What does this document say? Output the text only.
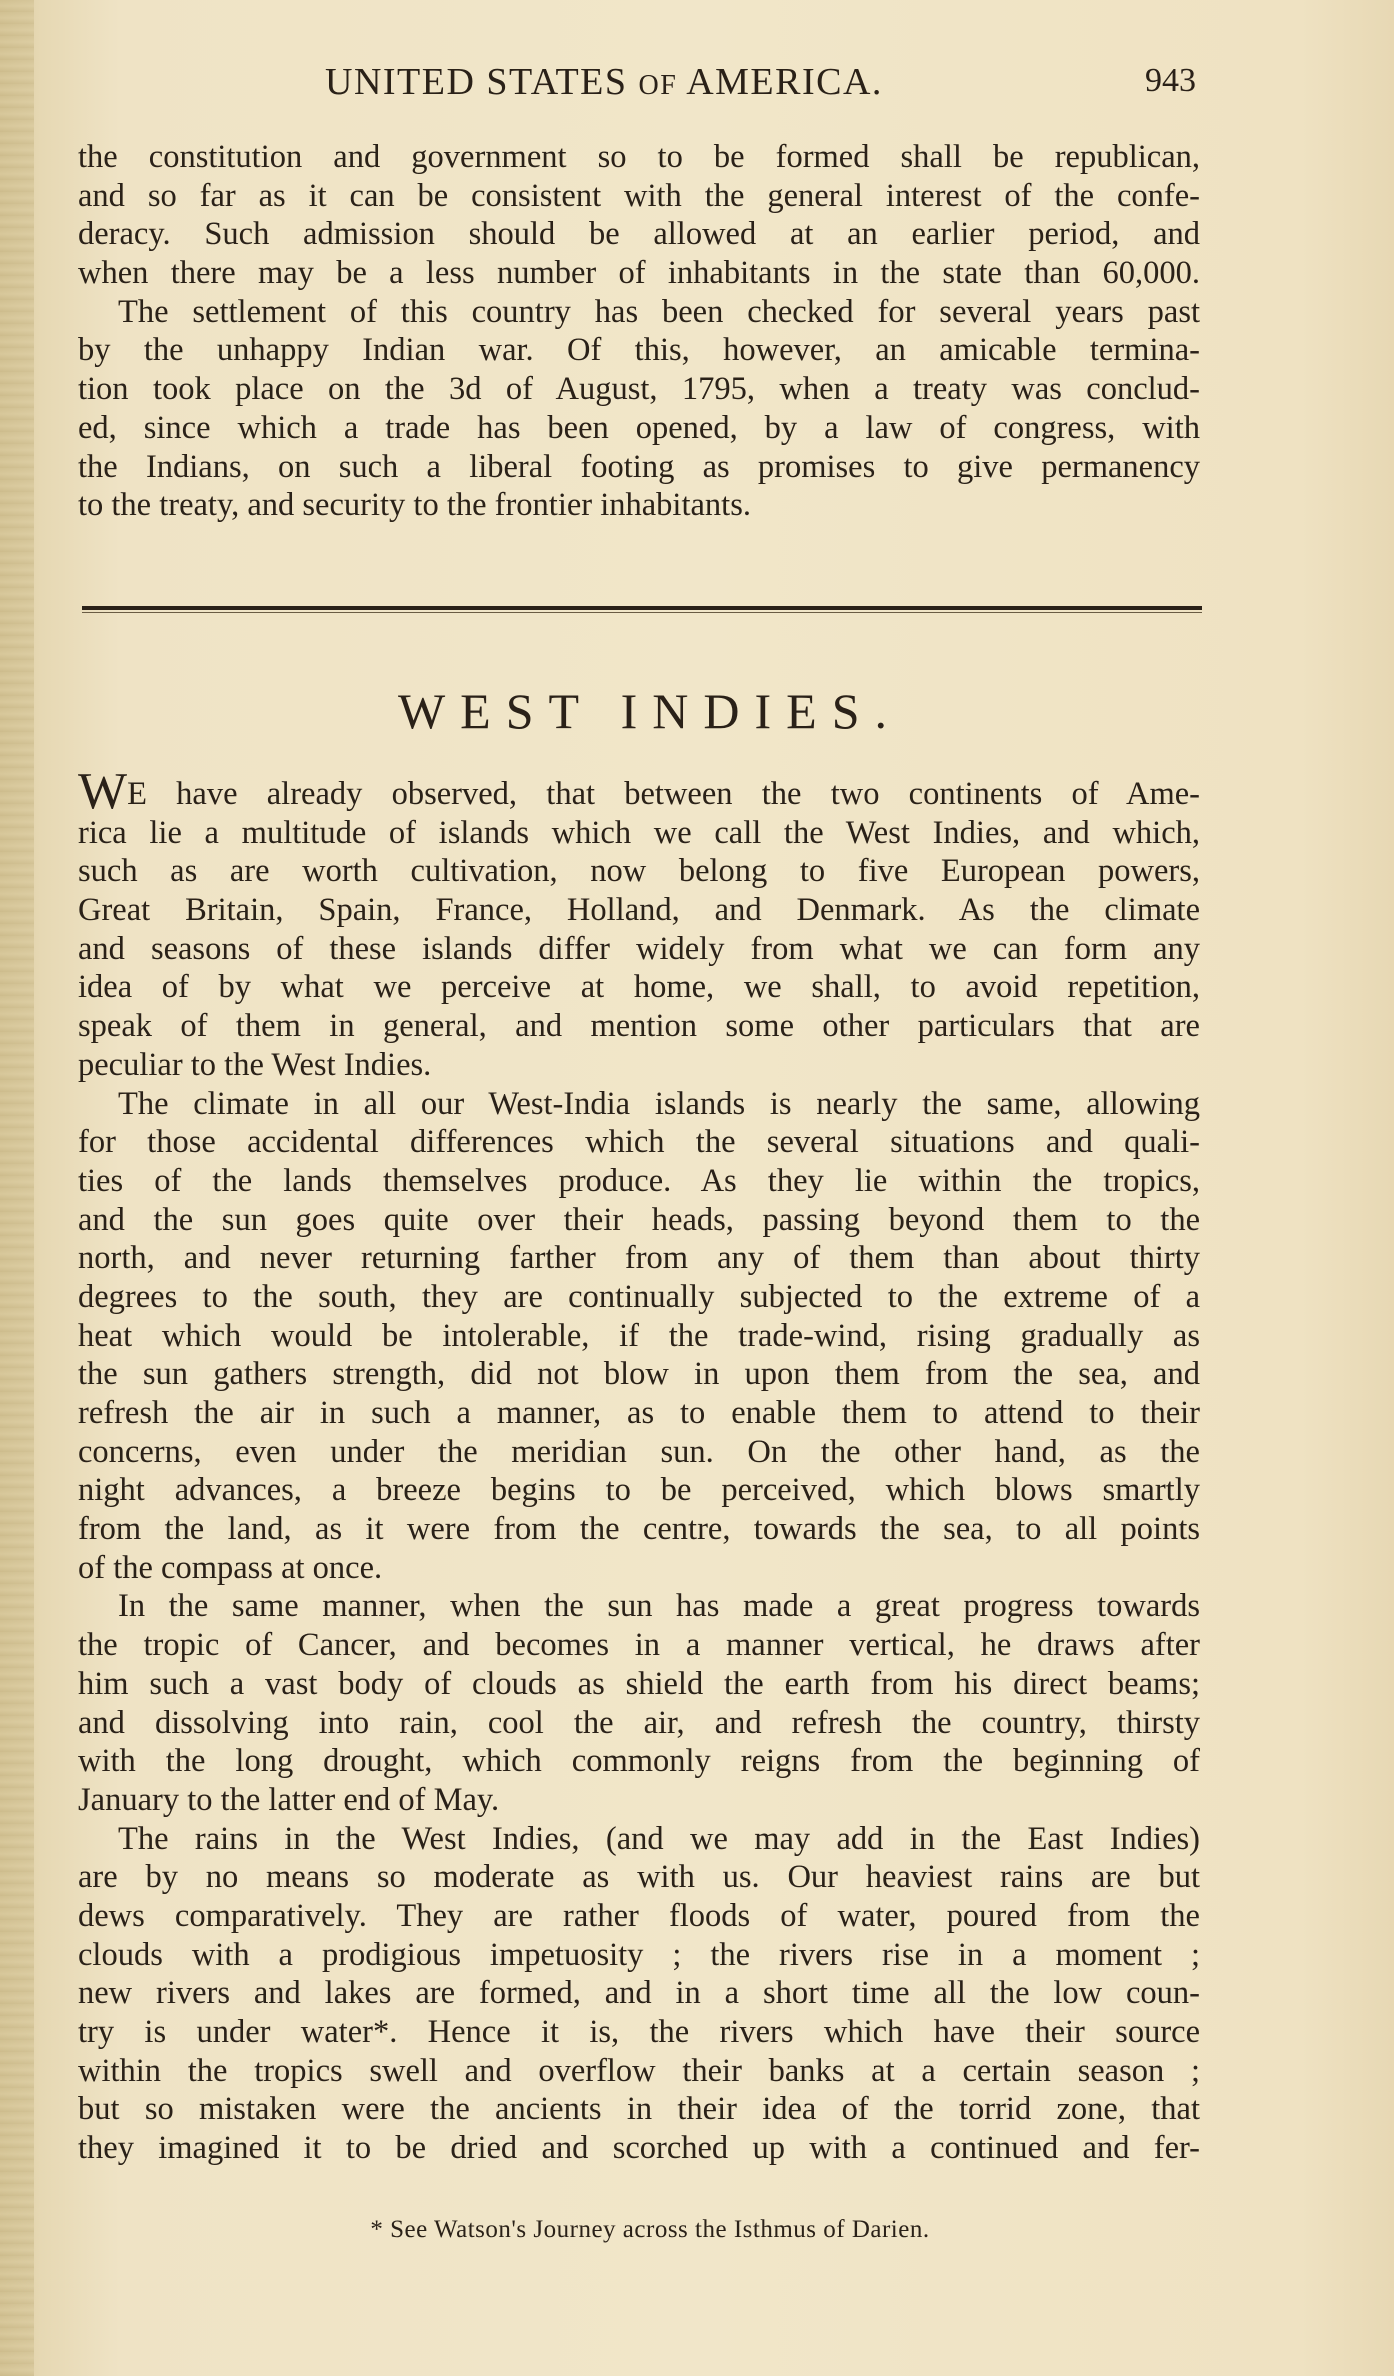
UNITED STATES OF AMERICA.	943
the constitution and government so to be formed shall be republican,
and so far as it can be consistent with the general interest of the confe-
deracy. Such admission should be allowed at an earlier period, and
when there may be a less number of inhabitants in the state than 60,000.
The settlement of this country has been checked for several years past
by the unhappy Indian war. Of this, however, an amicable termina-
tion took place on the 3d of August, 1795, when a treaty was conclud-
ed, since which a trade has been opened, by a law of congress, with
the Indians, on such a liberal footing as promises to give permanency
to the treaty, and security to the frontier inhabitants.
WEST INDIES.
WE have already observed, that between the two continents of Ame-
rica lie a multitude of islands which we call the West Indies, and which,
such as are worth cultivation, now belong to five European powers,
Great Britain, Spain, France, Holland, and Denmark. As the climate
and seasons of these islands differ widely from what we can form any
idea of by what we perceive at home, we shall, to avoid repetition,
speak of them in general, and mention some other particulars that are
peculiar to the West Indies.
The climate in all our West-India islands is nearly the same, allowing
for those accidental differences which the several situations and quali-
ties of the lands themselves produce. As they lie within the tropics,
and the sun goes quite over their heads, passing beyond them to the
north, and never returning farther from any of them than about thirty
degrees to the south, they are continually subjected to the extreme of a
heat which would be intolerable, if the trade-wind, rising gradually as
the sun gathers strength, did not blow in upon them from the sea, and
refresh the air in such a manner, as to enable them to attend to their
concerns, even under the meridian sun. On the other hand, as the
night advances, a breeze begins to be perceived, which blows smartly
from the land, as it were from the centre, towards the sea, to all points
of the compass at once.
In the same manner, when the sun has made a great progress towards
the tropic of Cancer, and becomes in a manner vertical, he draws after
him such a vast body of clouds as shield the earth from his direct beams;
and dissolving into rain, cool the air, and refresh the country, thirsty
with the long drought, which commonly reigns from the beginning of
January to the latter end of May.
The rains in the West Indies, (and we may add in the East Indies)
are by no means so moderate as with us. Our heaviest rains are but
dews comparatively. They are rather floods of water, poured from the
clouds with a prodigious impetuosity ; the rivers rise in a moment ;
new rivers and lakes are formed, and in a short time all the low coun-
try is under water*. Hence it is, the rivers which have their source
within the tropics swell and overflow their banks at a certain season ;
but so mistaken were the ancients in their idea of the torrid zone, that
they imagined it to be dried and scorched up with a continued and fer-
* See Watson's Journey across the Isthmus of Darien.
